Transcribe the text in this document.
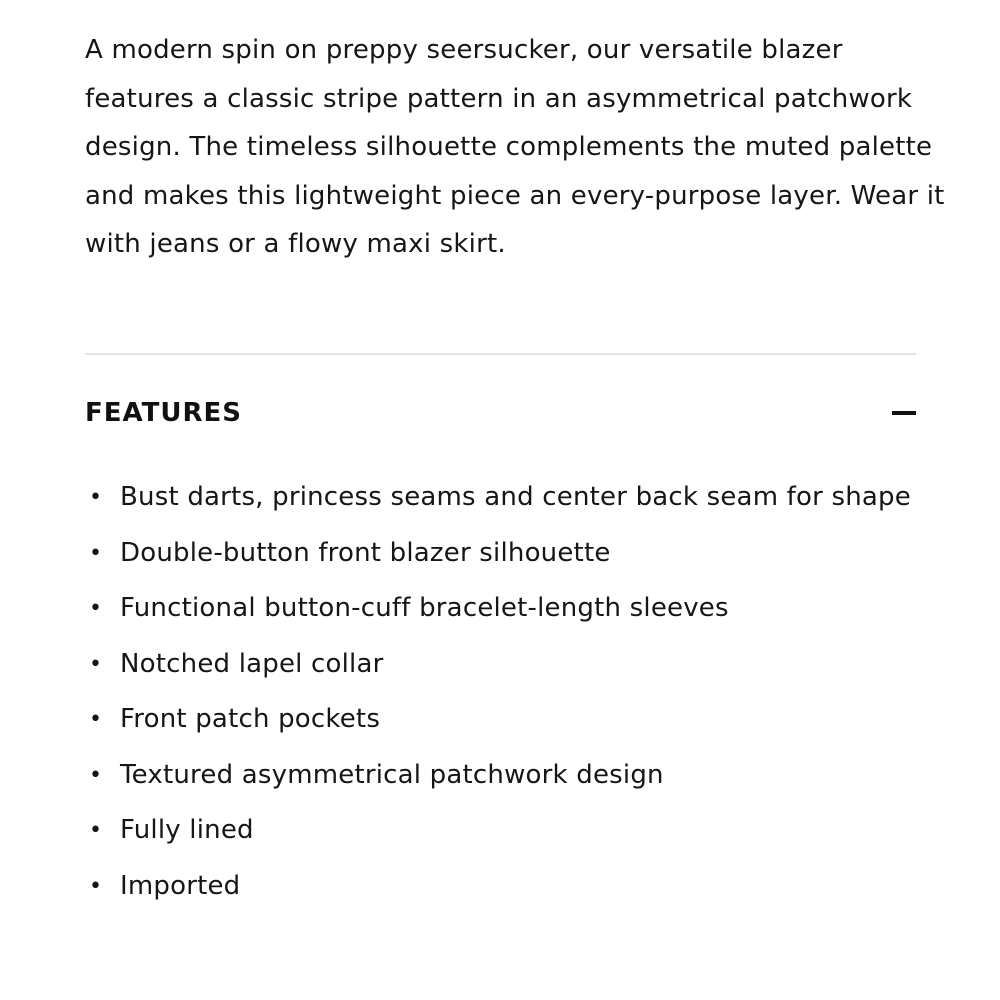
A modern spin on preppy seersucker, our versatile blazer features a classic stripe pattern in an asymmetrical patchwork design. The timeless silhouette complements the muted palette and makes this lightweight piece an every-purpose layer. Wear it with jeans or a flowy maxi skirt.

FEATURES
• Bust darts, princess seams and center back seam for shape
• Double-button front blazer silhouette
• Functional button-cuff bracelet-length sleeves
• Notched lapel collar
• Front patch pockets
• Textured asymmetrical patchwork design
• Fully lined
• Imported
